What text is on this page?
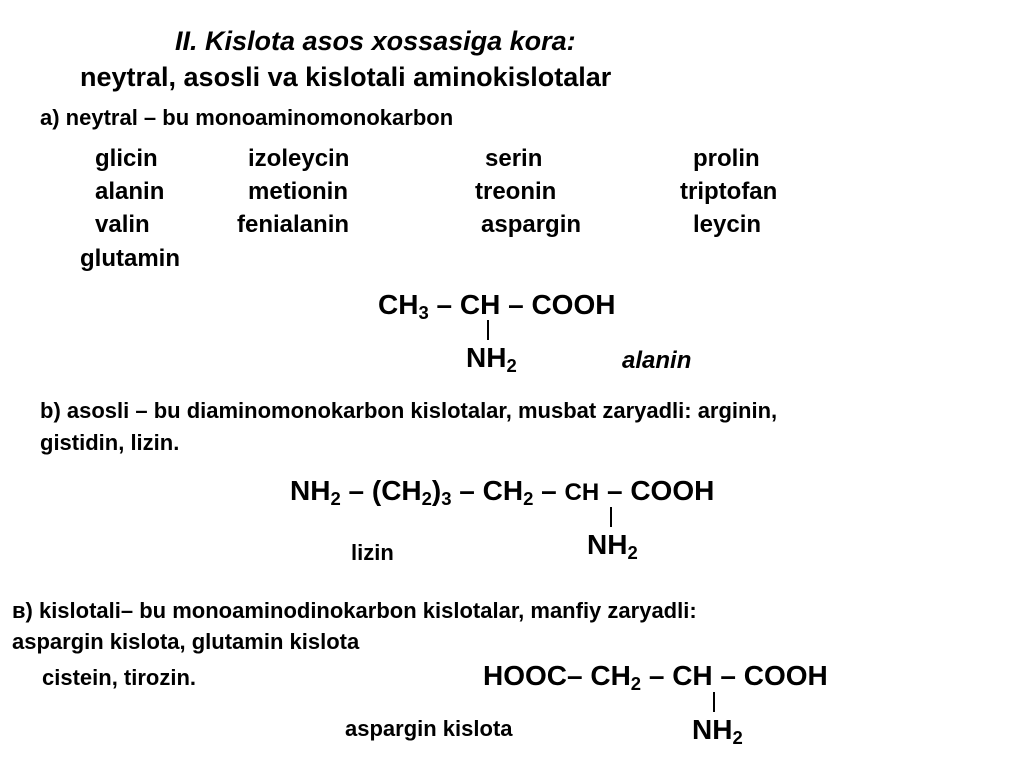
II. Kislota asos xossasiga kora:
neytral, asosli va kislotali aminokislotalar
a) neytral – bu monoaminomonokarbon
glicin
alanin
valin
izoleycin
metionin
fenialanin
serin
treonin
aspargin
prolin
triptofan
leycin
glutamin
$CH_3$ – CH – COOH
$NH_2$	alanin
b) asosli – bu diaminomonokarbon kislotalar, musbat zaryadli: arginin,
gistidin, lizin.
$NH_2 - (CH_2)_3 - CH_2$ – CH – COOH
$NH_2$
lizin
в) kislotali– bu monoaminodinokarbon kislotalar, manfiy zaryadli:
aspargin kislota, glutamin kislota
cistein, tirozin.	HOOC– $CH_2$ – CH – COOH
$NH_2$
aspargin kislota
